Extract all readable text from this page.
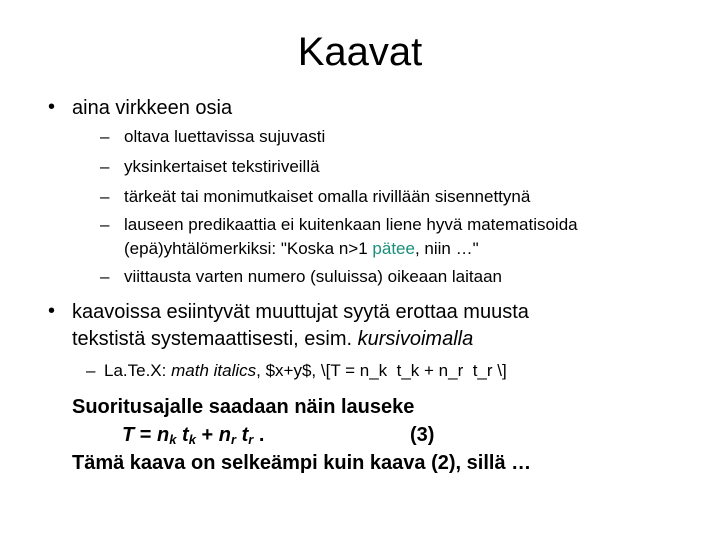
Kaavat
• aina virkkeen osia
– oltava luettavissa sujuvasti
– yksinkertaiset tekstiriveillä
– tärkeät tai monimutkaiset omalla rivillään sisennettynä
– lauseen predikaattia ei kuitenkaan liene hyvä matematisoida
(epä)yhtälömerkiksi: "Koska n>1 pätee, niin …"
– viittausta varten numero (suluissa) oikeaan laitaan
• kaavoissa esiintyvät muuttujat syytä erottaa muusta
tekstistä systemaattisesti, esim. kursivoimalla
– La.Te.X: math italics, $x+y$, \[T = n_k  t_k + n_r  t_r \]
Suoritusajalle saadaan näin lauseke
$T = n_k$ $t_k + n_r$ $t_r$ .	(3)
Tämä kaava on selkeämpi kuin kaava (2), sillä …
